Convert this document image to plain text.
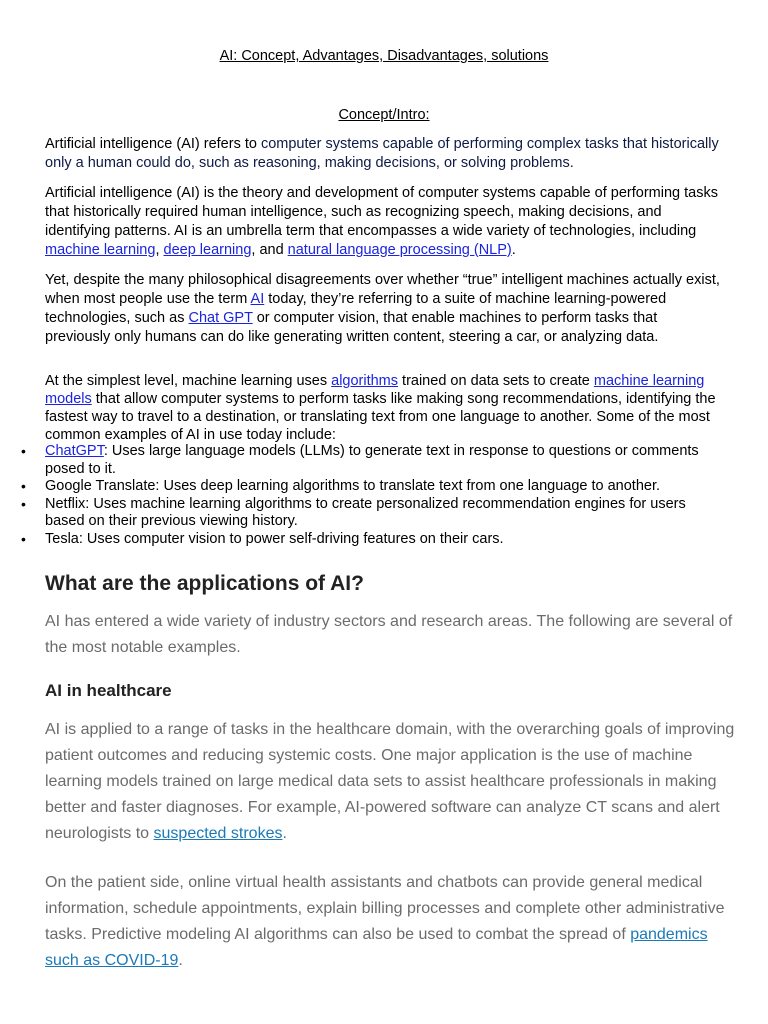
AI: Concept, Advantages, Disadvantages, solutions
Concept/Intro:

Artificial intelligence (AI) refers to computer systems capable of performing complex tasks that historically only a human could do, such as reasoning, making decisions, or solving problems.

Artificial intelligence (AI) is the theory and development of computer systems capable of performing tasks that historically required human intelligence, such as recognizing speech, making decisions, and identifying patterns. AI is an umbrella term that encompasses a wide variety of technologies, including machine learning, deep learning, and natural language processing (NLP).

Yet, despite the many philosophical disagreements over whether “true” intelligent machines actually exist, when most people use the term AI today, they’re referring to a suite of machine learning-powered technologies, such as Chat GPT or computer vision, that enable machines to perform tasks that previously only humans can do like generating written content, steering a car, or analyzing data.

At the simplest level, machine learning uses algorithms trained on data sets to create machine learning models that allow computer systems to perform tasks like making song recommendations, identifying the fastest way to travel to a destination, or translating text from one language to another. Some of the most common examples of AI in use today include:

• ChatGPT: Uses large language models (LLMs) to generate text in response to questions or comments posed to it.
• Google Translate: Uses deep learning algorithms to translate text from one language to another.
• Netflix: Uses machine learning algorithms to create personalized recommendation engines for users based on their previous viewing history.
• Tesla: Uses computer vision to power self-driving features on their cars.
What are the applications of AI?

AI has entered a wide variety of industry sectors and research areas. The following are several of the most notable examples.

AI in healthcare

AI is applied to a range of tasks in the healthcare domain, with the overarching goals of improving patient outcomes and reducing systemic costs. One major application is the use of machine learning models trained on large medical data sets to assist healthcare professionals in making better and faster diagnoses. For example, AI-powered software can analyze CT scans and alert neurologists to suspected strokes.

On the patient side, online virtual health assistants and chatbots can provide general medical information, schedule appointments, explain billing processes and complete other administrative tasks. Predictive modeling AI algorithms can also be used to combat the spread of pandemics such as COVID-19.
